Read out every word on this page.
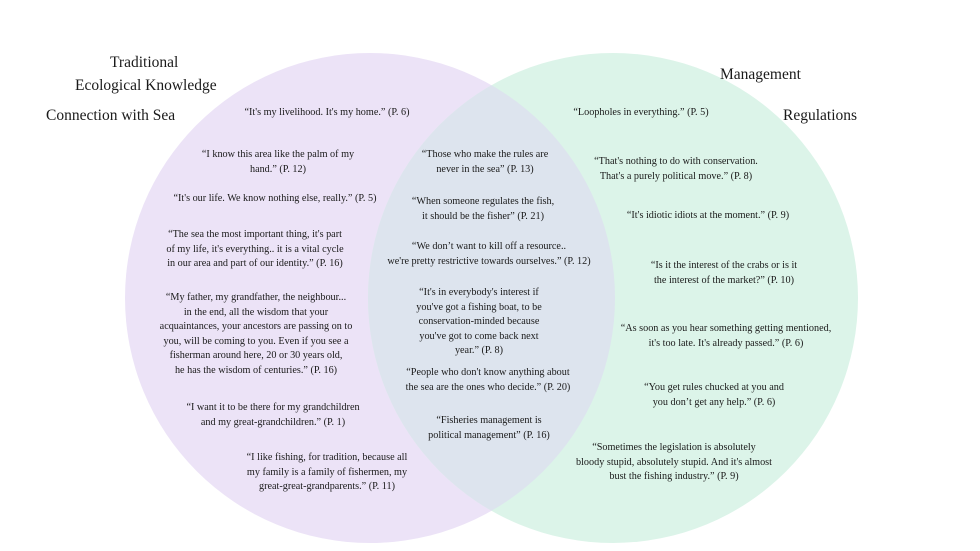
Traditional
Ecological Knowledge
Connection with Sea
Management
Regulations
“It's my livelihood. It's my home.” (P. 6)
“I know this area like the palm of my
hand.” (P. 12)
“It's our life. We know nothing else, really.” (P. 5)
“The sea the most important thing, it's part
of my life, it's everything.. it is a vital cycle
in our area and part of our identity.” (P. 16)
“My father, my grandfather, the neighbour...
in the end, all the wisdom that your
acquaintances, your ancestors are passing on to
you, will be coming to you. Even if you see a
fisherman around here, 20 or 30 years old,
he has the wisdom of centuries.” (P. 16)
“I want it to be there for my grandchildren
and my great-grandchildren.” (P. 1)
“I like fishing, for tradition, because all
my family is a family of fishermen, my
great-great-grandparents.” (P. 11)
“Those who make the rules are
never in the sea” (P. 13)
“When someone regulates the fish,
it should be the fisher” (P. 21)
“We don’t want to kill off a resource..
we're pretty restrictive towards ourselves.” (P. 12)
“It's in everybody's interest if
you've got a fishing boat, to be
conservation-minded because
you've got to come back next
year.” (P. 8)
“People who don't know anything about
the sea are the ones who decide.” (P. 20)
“Fisheries management is
political management” (P. 16)
“Loopholes in everything.” (P. 5)
“That's nothing to do with conservation.
That's a purely political move.” (P. 8)
“It's idiotic idiots at the moment.” (P. 9)
“Is it the interest of the crabs or is it
the interest of the market?” (P. 10)
“As soon as you hear something getting mentioned,
it's too late. It's already passed.” (P. 6)
“You get rules chucked at you and
you don’t get any help.” (P. 6)
“Sometimes the legislation is absolutely
bloody stupid, absolutely stupid. And it's almost
bust the fishing industry.” (P. 9)
